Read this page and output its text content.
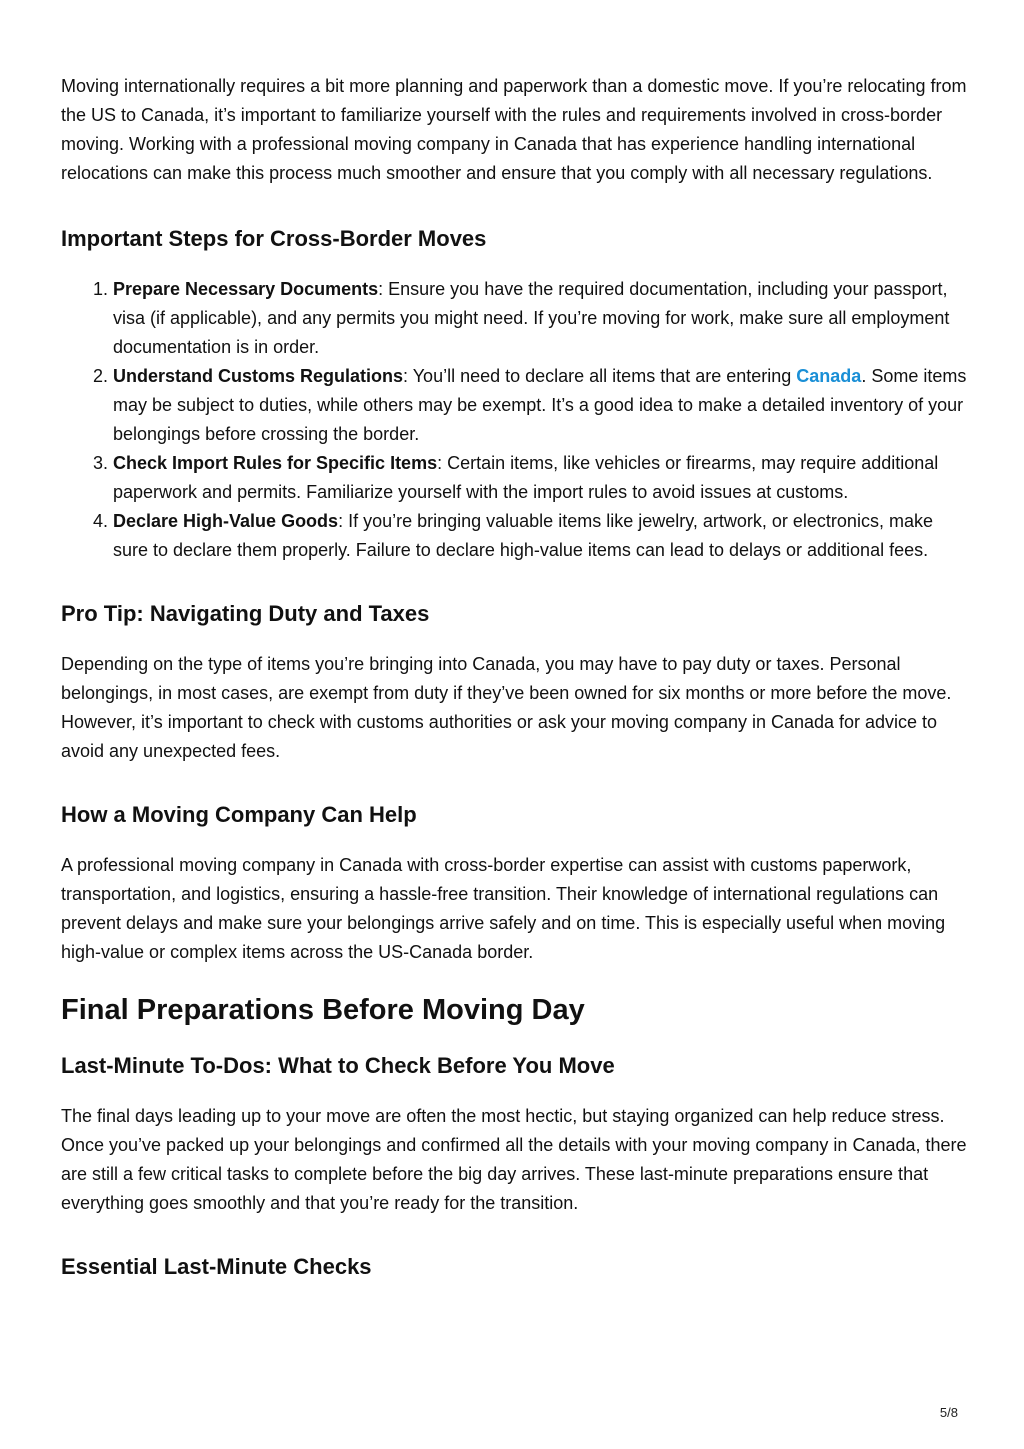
Moving internationally requires a bit more planning and paperwork than a domestic move. If you’re relocating from the US to Canada, it’s important to familiarize yourself with the rules and requirements involved in cross-border moving. Working with a professional moving company in Canada that has experience handling international relocations can make this process much smoother and ensure that you comply with all necessary regulations.

Important Steps for Cross-Border Moves
1. Prepare Necessary Documents: Ensure you have the required documentation, including your passport, visa (if applicable), and any permits you might need. If you’re moving for work, make sure all employment documentation is in order.
2. Understand Customs Regulations: You’ll need to declare all items that are entering Canada. Some items may be subject to duties, while others may be exempt. It’s a good idea to make a detailed inventory of your belongings before crossing the border.
3. Check Import Rules for Specific Items: Certain items, like vehicles or firearms, may require additional paperwork and permits. Familiarize yourself with the import rules to avoid issues at customs.
4. Declare High-Value Goods: If you’re bringing valuable items like jewelry, artwork, or electronics, make sure to declare them properly. Failure to declare high-value items can lead to delays or additional fees.
Pro Tip: Navigating Duty and Taxes

Depending on the type of items you’re bringing into Canada, you may have to pay duty or taxes. Personal belongings, in most cases, are exempt from duty if they’ve been owned for six months or more before the move. However, it’s important to check with customs authorities or ask your moving company in Canada for advice to avoid any unexpected fees.

How a Moving Company Can Help

A professional moving company in Canada with cross-border expertise can assist with customs paperwork, transportation, and logistics, ensuring a hassle-free transition. Their knowledge of international regulations can prevent delays and make sure your belongings arrive safely and on time. This is especially useful when moving high-value or complex items across the US-Canada border.

Final Preparations Before Moving Day
Last-Minute To-Dos: What to Check Before You Move

The final days leading up to your move are often the most hectic, but staying organized can help reduce stress. Once you’ve packed up your belongings and confirmed all the details with your moving company in Canada, there are still a few critical tasks to complete before the big day arrives. These last-minute preparations ensure that everything goes smoothly and that you’re ready for the transition.

Essential Last-Minute Checks
5/8
